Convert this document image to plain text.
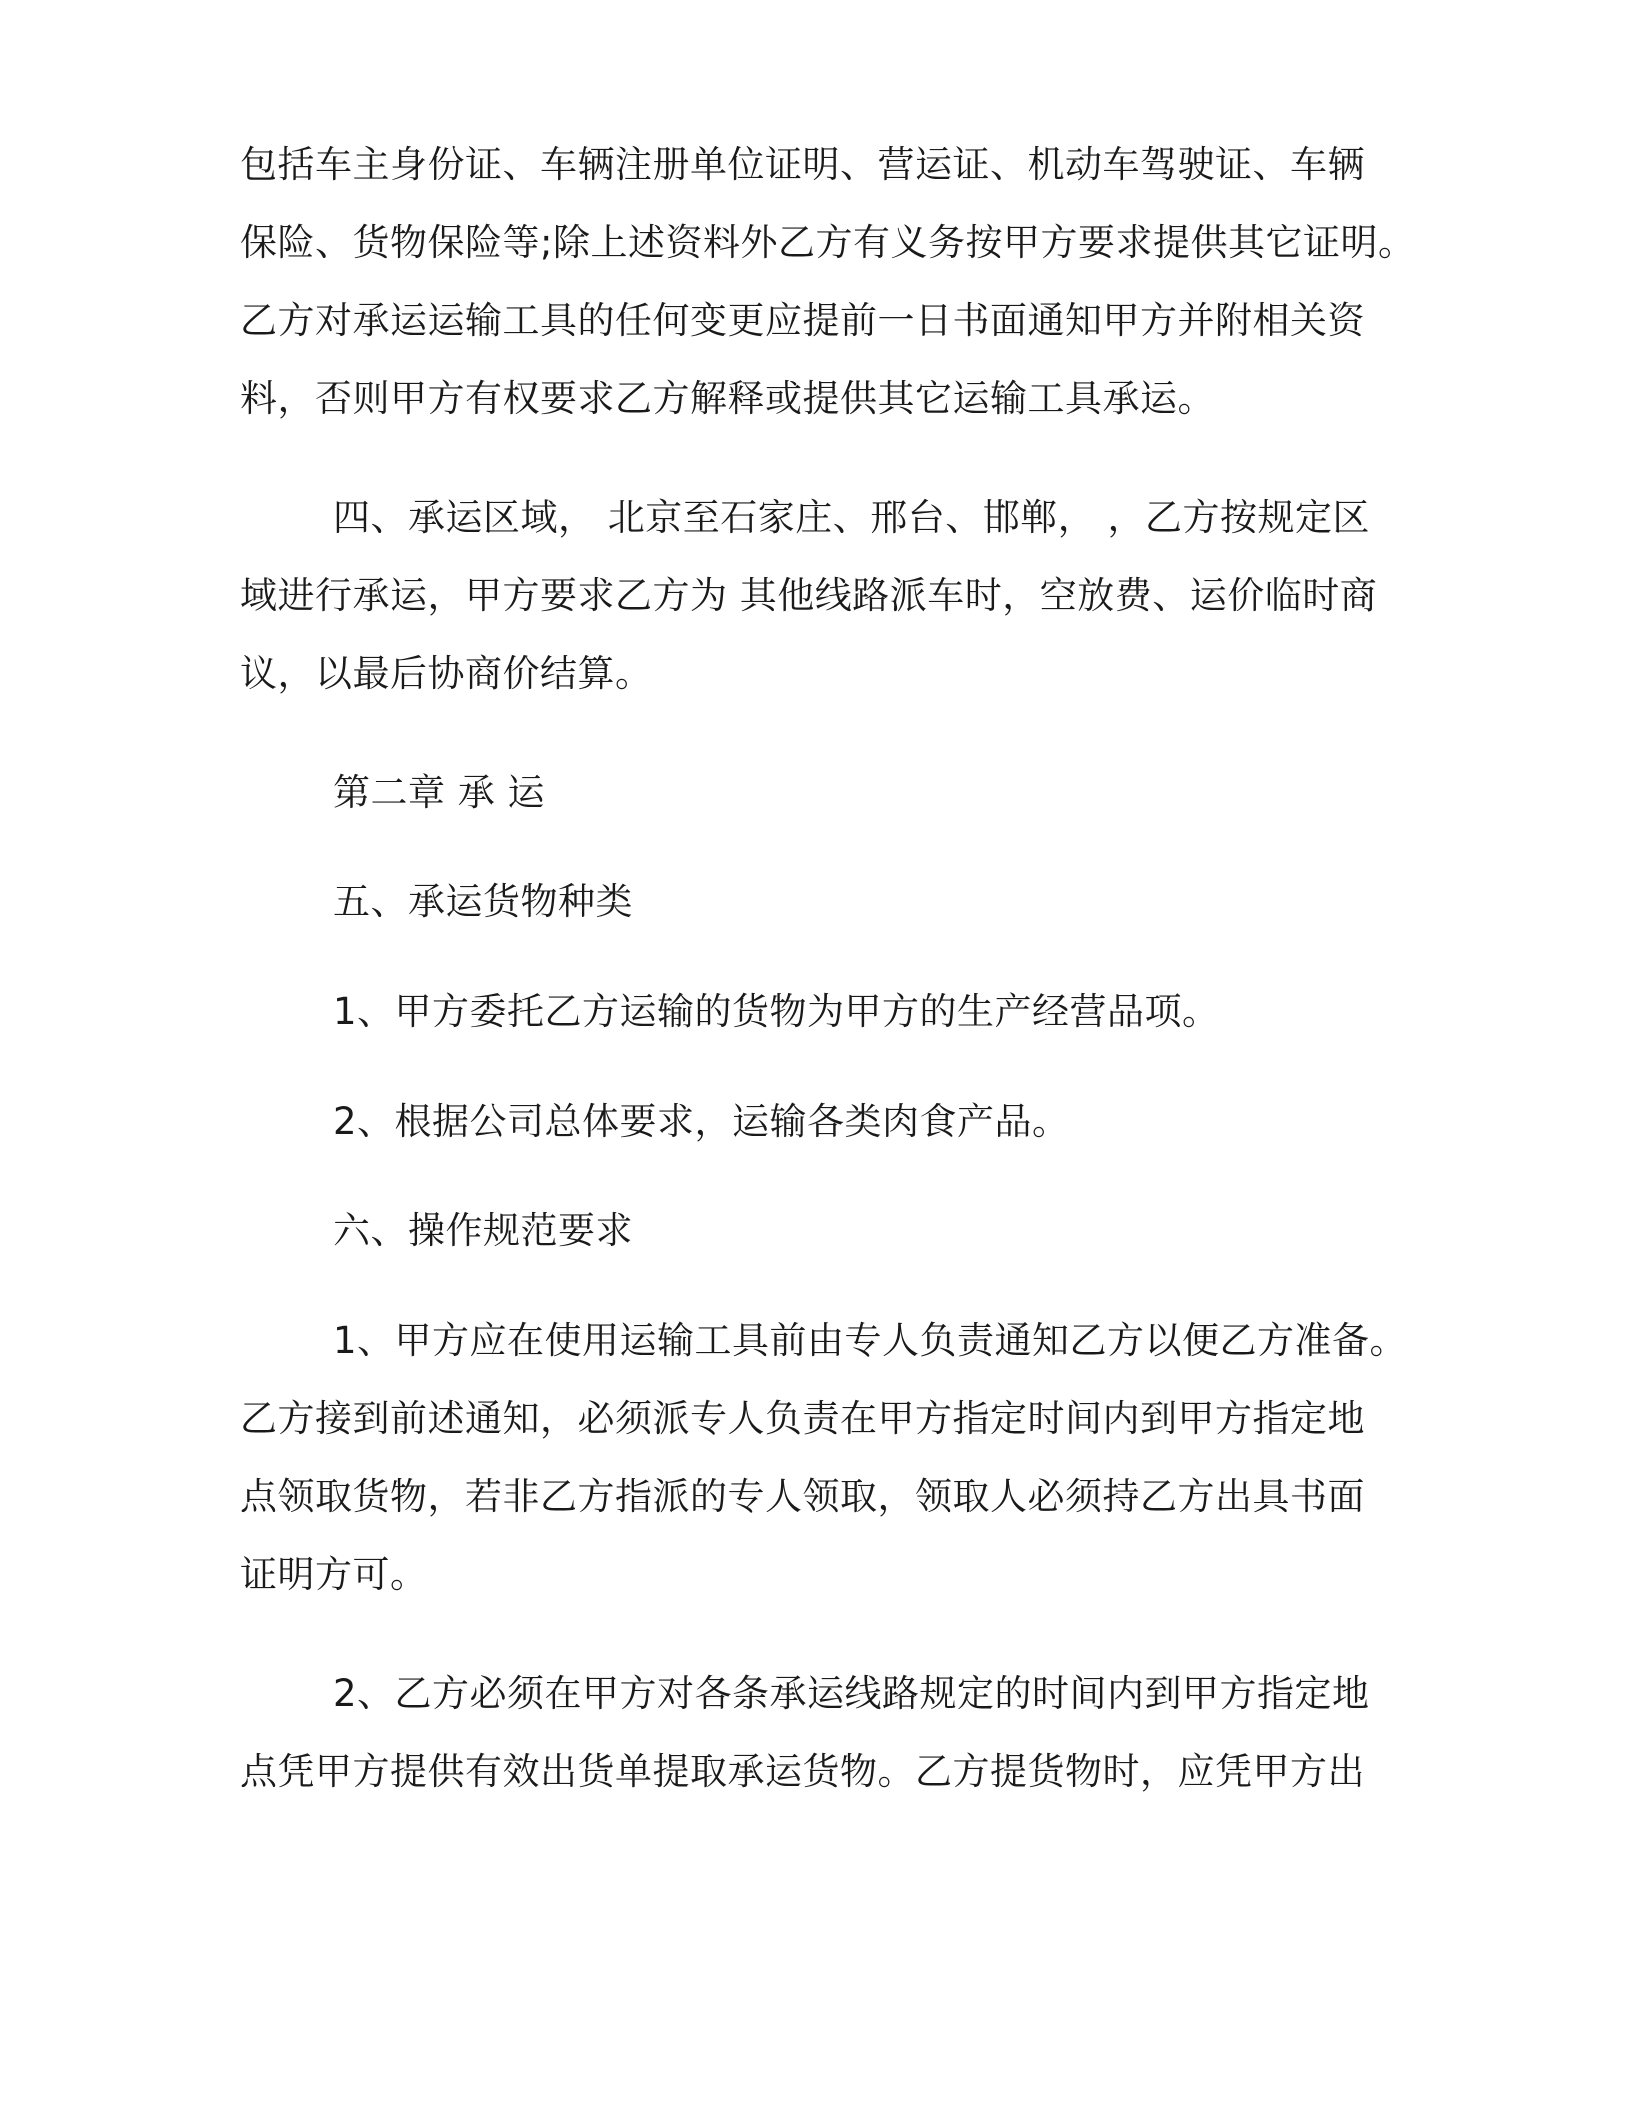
包括车主身份证、车辆注册单位证明、营运证、机动车驾驶证、车辆
保险、货物保险等;除上述资料外乙方有义务按甲方要求提供其它证明。
乙方对承运运输工具的任何变更应提前一日书面通知甲方并附相关资
料，否则甲方有权要求乙方解释或提供其它运输工具承运。
四、承运区域， 北京至石家庄、邢台、邯郸， ，乙方按规定区
域进行承运，甲方要求乙方为 其他线路派车时，空放费、运价临时商
议，以最后协商价结算。
第二章 承 运
五、承运货物种类
1、甲方委托乙方运输的货物为甲方的生产经营品项。
2、根据公司总体要求，运输各类肉食产品。
六、操作规范要求
1、甲方应在使用运输工具前由专人负责通知乙方以便乙方准备。
乙方接到前述通知，必须派专人负责在甲方指定时间内到甲方指定地
点领取货物，若非乙方指派的专人领取，领取人必须持乙方出具书面
证明方可。
2、乙方必须在甲方对各条承运线路规定的时间内到甲方指定地
点凭甲方提供有效出货单提取承运货物。乙方提货物时，应凭甲方出
